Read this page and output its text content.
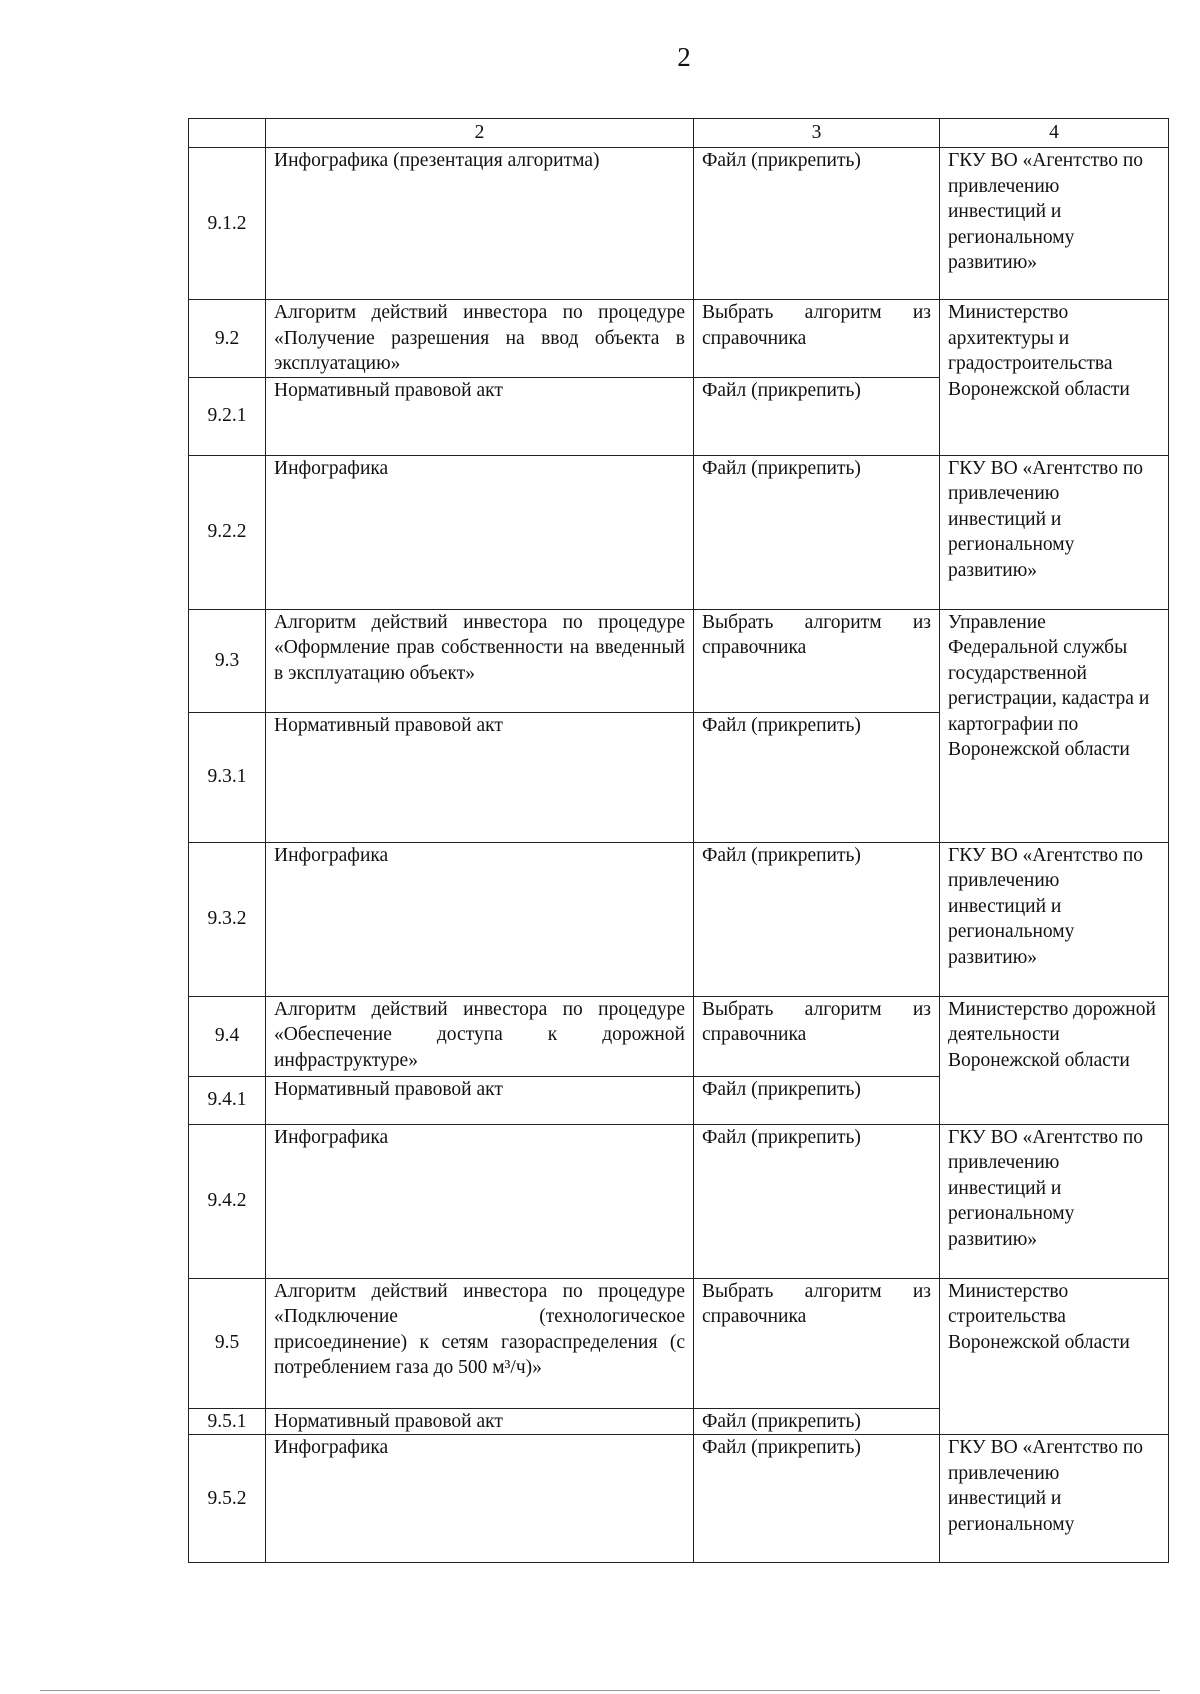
2
	2	3	4
9.1.2	Инфографика (презентация алгоритма)	Файл (прикрепить)	ГКУ ВО «Агентство по привлечению инвестиций и региональному развитию»
9.2	Алгоритм действий инвестора по процедуре «Получение разрешения на ввод объекта в эксплуатацию»	Выбрать алгоритм из справочника	Министерство архитектуры и градостроительства Воронежской области
9.2.1	Нормативный правовой акт	Файл (прикрепить)	
9.2.2	Инфографика	Файл (прикрепить)	ГКУ ВО «Агентство по привлечению инвестиций и региональному развитию»
9.3	Алгоритм действий инвестора по процедуре «Оформление прав собственности на введенный в эксплуатацию объект»	Выбрать алгоритм из справочника	Управление Федеральной службы государственной регистрации, кадастра и картографии по Воронежской области
9.3.1	Нормативный правовой акт	Файл (прикрепить)	
9.3.2	Инфографика	Файл (прикрепить)	ГКУ ВО «Агентство по привлечению инвестиций и региональному развитию»
9.4	Алгоритм действий инвестора по процедуре «Обеспечение доступа к дорожной инфраструктуре»	Выбрать алгоритм из справочника	Министерство дорожной деятельности Воронежской области
9.4.1	Нормативный правовой акт	Файл (прикрепить)	
9.4.2	Инфографика	Файл (прикрепить)	ГКУ ВО «Агентство по привлечению инвестиций и региональному развитию»
9.5	Алгоритм действий инвестора по процедуре «Подключение (технологическое присоединение) к сетям газораспределения (с потреблением газа до 500 м³/ч)»	Выбрать алгоритм из справочника	Министерство строительства Воронежской области
9.5.1	Нормативный правовой акт	Файл (прикрепить)	
9.5.2	Инфографика	Файл (прикрепить)	ГКУ ВО «Агентство по привлечению инвестиций и региональному
